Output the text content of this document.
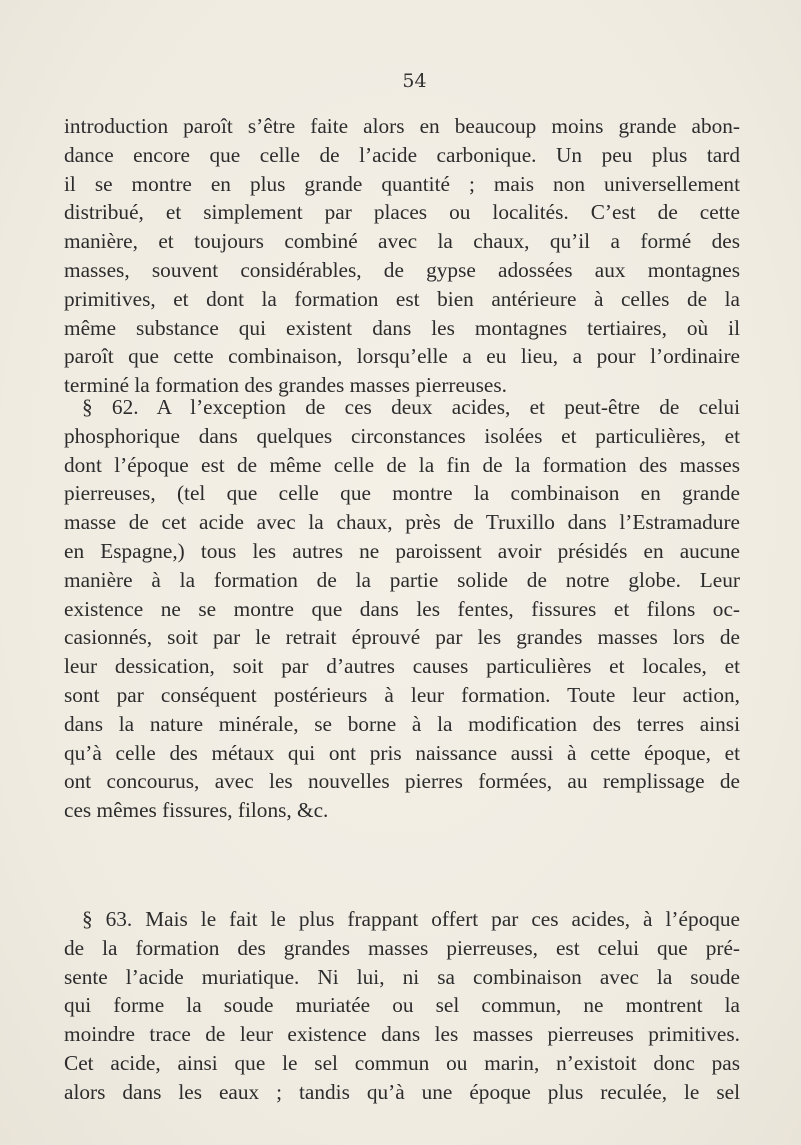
54
introduction paroît s’être faite alors en beaucoup moins grande abon-
dance encore que celle de l’acide carbonique. Un peu plus tard
il se montre en plus grande quantité ; mais non universellement
distribué, et simplement par places ou localités. C’est de cette
manière, et toujours combiné avec la chaux, qu’il a formé des
masses, souvent considérables, de gypse adossées aux montagnes
primitives, et dont la formation est bien antérieure à celles de la
même substance qui existent dans les montagnes tertiaires, où il
paroît que cette combinaison, lorsqu’elle a eu lieu, a pour l’ordinaire
terminé la formation des grandes masses pierreuses.
§ 62. A l’exception de ces deux acides, et peut-être de celui
phosphorique dans quelques circonstances isolées et particulières, et
dont l’époque est de même celle de la fin de la formation des masses
pierreuses, (tel que celle que montre la combinaison en grande
masse de cet acide avec la chaux, près de Truxillo dans l’Estramadure
en Espagne,) tous les autres ne paroissent avoir présidés en aucune
manière à la formation de la partie solide de notre globe. Leur
existence ne se montre que dans les fentes, fissures et filons oc-
casionnés, soit par le retrait éprouvé par les grandes masses lors de
leur dessication, soit par d’autres causes particulières et locales, et
sont par conséquent postérieurs à leur formation. Toute leur action,
dans la nature minérale, se borne à la modification des terres ainsi
qu’à celle des métaux qui ont pris naissance aussi à cette époque, et
ont concourus, avec les nouvelles pierres formées, au remplissage de
ces mêmes fissures, filons, &c.
§ 63. Mais le fait le plus frappant offert par ces acides, à l’époque
de la formation des grandes masses pierreuses, est celui que pré-
sente l’acide muriatique. Ni lui, ni sa combinaison avec la soude
qui forme la soude muriatée ou sel commun, ne montrent la
moindre trace de leur existence dans les masses pierreuses primitives.
Cet acide, ainsi que le sel commun ou marin, n’existoit donc pas
alors dans les eaux ; tandis qu’à une époque plus reculée, le sel
